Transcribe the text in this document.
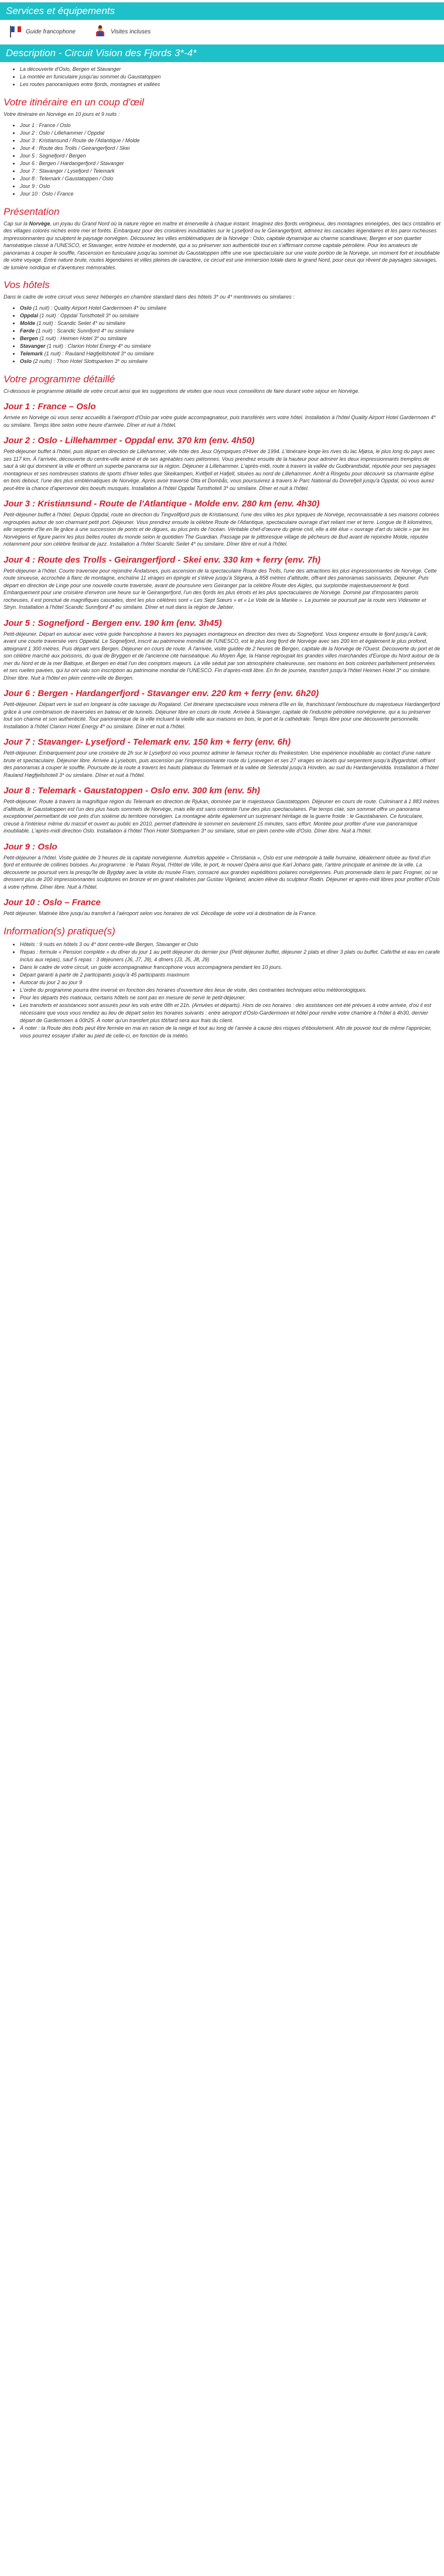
Services et équipements
Guide francophone	Visites incluses
Description - Circuit Vision des Fjords 3*-4*
• La découverte d'Oslo, Bergen et Stavanger
• La montée en funiculaire jusqu'au sommet du Gaustatoppen
• Les routes panoramiques entre fjords, montagnes et vallées
Votre itinéraire en un coup d'œil

Votre itinéraire en Norvège en 10 jours et 9 nuits :

• Jour 1 : France / Oslo
• Jour 2 : Oslo / Lillehammer / Oppdal
• Jour 3 : Kristiansund / Route de l'Atlantique / Molde
• Jour 4 : Route des Trolls / Geirangerfjord / Skei
• Jour 5 : Sognefjord / Bergen
• Jour 6 : Bergen / Hardangerfjord / Stavanger
• Jour 7 : Stavanger / Lysefjord / Telemark
• Jour 8 : Telemark / Gaustatoppen / Oslo
• Jour 9 : Oslo
• Jour 10 : Oslo / France
Présentation

Cap sur la Norvège, un joyau du Grand Nord où la nature règne en maître et émerveille à chaque instant. Imaginez des fjords vertigineux, des montagnes enneigées, des lacs cristallins et des villages colorés nichés entre mer et forêts. Embarquez pour des croisières inoubliables sur le Lysefjord ou le Geirangerfjord, admirez les cascades légendaires et les paroi rocheuses impressionnantes qui sculptent le paysage norvégien. Découvrez les villes emblématiques de la Norvège : Oslo, capitale dynamique au charme scandinave, Bergen et son quartier hanséatique classé à l'UNESCO, et Stavanger, entre histoire et modernité, qui a su préserver son authenticité tout en s'affirmant comme capitale pétrolière. Pour les amateurs de panoramas à couper le souffle, l'ascension en funiculaire jusqu'au sommet du Gaustatoppen offre une vue spectaculaire sur une vaste portion de la Norvège, un moment fort et inoubliable de votre voyage. Entre nature brute, routes légendaires et villes pleines de caractère, ce circuit est une immersion totale dans le grand Nord, pour ceux qui rêvent de paysages sauvages, de lumière nordique et d'aventures mémorables.

Vos hôtels

Dans le cadre de votre circuit vous serez hébergés en chambre standard dans des hôtels 3* ou 4* mentionnés ou similaires :

• Oslo (1 nuit) : Quality Airport Hotel Gardermoen 4* ou similaire
• Oppdal (1 nuit) : Oppdal Turisthotell 3* ou similaire
• Molde (1 nuit) : Scandic Seilet 4* ou similaire
• Førde (1 nuit) : Scandic Sunnfjord 4* ou similaire
• Bergen (1 nuit) : Heimen Hotel 3* ou similaire
• Stavanger (1 nuit) : Clarion Hotel Energy 4* ou similaire
• Telemark (1 nuit) : Rauland Høgfjellshotell 3* ou similaire
• Oslo (2 nuits) : Thon Hotel Slottsparken 3* ou similaire
Votre programme détaillé

Ci-dessous le programme détaillé de votre circuit ainsi que les suggestions de visites que nous vous conseillons de faire durant votre séjour en Norvège.

Jour 1 : France – Oslo

Arrivée en Norvège où vous serez accueillis à l'aéroport d'Oslo par votre guide accompagnateur, puis transférés vers votre hôtel. Installation à l'hôtel Quality Airport Hotel Gardermoen 4* ou similaire. Temps libre selon votre heure d'arrivée. Dîner et nuit à l'hôtel.

Jour 2 : Oslo - Lillehammer - Oppdal env. 370 km (env. 4h50)

Petit-déjeuner buffet à l'hôtel, puis départ en direction de Lillehammer, ville hôte des Jeux Olympiques d'Hiver de 1994. L'itinéraire longe les rives du lac Mjøsa, le plus long du pays avec ses 117 km. À l'arrivée, découverte du centre-ville animé et de ses agréables rues piétonnes. Vous prendrez ensuite de la hauteur pour admirer les deux impressionnants tremplins de saut à ski qui dominent la ville et offrent un superbe panorama sur la région. Déjeuner à Lillehammer. L'après-midi, route à travers la vallée du Gudbrandsdal, réputée pour ses paysages montagneux et ses nombreuses stations de sports d'hiver telles que Skeikampen, Kvitfjell et Hafjell, situées au nord de Lillehammer. Arrêt à Ringebu pour découvrir sa charmante église en bois debout, l'une des plus emblématiques de Norvège. Après avoir traversé Otta et Dombås, vous poursuivrez à travers le Parc National du Dovrefjell jusqu'à Oppdal, où vous aurez peut-être la chance d'apercevoir des boeufs musqués. Installation à l'hôtel Oppdal Turisthotell 3* ou similaire. Dîner et nuit à l'hôtel.

Jour 3 : Kristiansund - Route de l'Atlantique - Molde env. 280 km (env. 4h30)

Petit-déjeuner buffet à l'hôtel. Depuis Oppdal, route en direction du Tingvollfjord puis de Kristiansund, l'une des villes les plus typiques de Norvège, reconnaissable à ses maisons colorées regroupées autour de son charmant petit port. Déjeuner. Vous prendrez ensuite la célèbre Route de l'Atlantique, spectaculaire ouvrage d'art reliant mer et terre. Longue de 8 kilomètres, elle serpente d'île en île grâce à une succession de ponts et de digues, au plus près de l'océan. Véritable chef-d'œuvre du génie civil, elle a été élue « ouvrage d'art du siècle » par les Norvégiens et figure parmi les plus belles routes du monde selon le quotidien The Guardian. Passage par le pittoresque village de pêcheurs de Bud avant de rejoindre Molde, réputée notamment pour son célèbre festival de jazz. Installation à l'hôtel Scandic Seilet 4* ou similaire. Dîner libre et nuit à l'hôtel.

Jour 4 : Route des Trolls - Geirangerfjord - Skei env. 330 km + ferry (env. 7h)

Petit-déjeuner à l'hôtel. Courte traversée pour rejoindre Åndalsnes, puis ascension de la spectaculaire Route des Trolls, l'une des attractions les plus impressionnantes de Norvège. Cette route sinueuse, accrochée à flanc de montagne, enchaîne 11 virages en épingle et s'élève jusqu'à Stigrøra, à 858 mètres d'altitude, offrant des panoramas saisissants. Déjeuner. Puis départ en direction de Linge pour une nouvelle courte traversée, avant de poursuivre vers Geiranger par la célèbre Route des Aigles, qui surplombe majestueusement le fjord. Embarquement pour une croisière d'environ une heure sur le Geirangerfjord, l'un des fjords les plus étroits et les plus spectaculaires de Norvège. Dominé par d'imposantes parois rocheuses, il est ponctué de magnifiques cascades, dont les plus célèbres sont « Les Sept Sœurs » et « Le Voile de la Mariée ». La journée se poursuit par la route vers Videseter et Stryn. Installation à l'hôtel Scandic Sunnfjord 4* ou similaire. Dîner et nuit dans la région de Jølster.

Jour 5 : Sognefjord - Bergen env. 190 km (env. 3h45)

Petit-déjeuner. Départ en autocar avec votre guide francophone à travers les paysages montagneux en direction des rives du Sognefjord. Vous longerez ensuite le fjord jusqu'à Lavik, avant une courte traversée vers Oppedal. Le Sognefjord, inscrit au patrimoine mondial de l'UNESCO, est le plus long fjord de Norvège avec ses 200 km et également le plus profond, atteignant 1 300 mètres. Puis départ vers Bergen. Déjeuner en cours de route. À l'arrivée, visite guidée de 2 heures de Bergen, capitale de la Norvège de l'Ouest. Découverte du port et de son célèbre marché aux poissons, du quai de Bryggen et de l'ancienne cité hanséatique. Au Moyen Âge, la Hanse regroupait les grandes villes marchandes d'Europe du Nord autour de la mer du Nord et de la mer Baltique, et Bergen en était l'un des comptoirs majeurs. La ville séduit par son atmosphère chaleureuse, ses maisons en bois colorées parfaitement préservées et ses ruelles pavées, qui lui ont valu son inscription au patrimoine mondial de l'UNESCO. Fin d'après-midi libre. En fin de journée, transfert jusqu'à l'hôtel Heimen Hotel 3* ou similaire. Dîner libre. Nuit à l'hôtel en plein centre-ville de Bergen.

Jour 6 : Bergen - Hardangerfjord - Stavanger env. 220 km + ferry (env. 6h20)

Petit-déjeuner. Départ vers le sud en longeant la côte sauvage du Rogaland. Cet itinéraire spectaculaire vous mènera d'île en île, franchissant l'embouchure du majestueux Hardangerfjord grâce à une combinaison de traversées en bateau et de tunnels. Déjeuner libre en cours de route. Arrivée à Stavanger, capitale de l'industrie pétrolière norvégienne, qui a su préserver tout son charme et son authenticité. Tour panoramique de la ville incluant la vieille ville aux maisons en bois, le port et la cathédrale. Temps libre pour une découverte personnelle. Installation à l'hôtel Clarion Hotel Energy 4* ou similaire. Dîner et nuit à l'hôtel.

Jour 7 : Stavanger- Lysefjord - Telemark env. 150 km + ferry (env. 6h)

Petit-déjeuner. Embarquement pour une croisière de 2h sur le Lysefjord où vous pourrez admirer le fameux rocher du Preikestolen. Une expérience inoubliable au contact d'une nature brute et spectaculaire. Déjeuner libre. Arrivée à Lysebotn, puis ascension par l'impressionnante route du Lysevegen et ses 27 virages en lacets qui serpentent jusqu'à Øygardstøl, offrant des panoramas à couper le souffle. Poursuite de la route à travers les hauts plateaux du Telemark et la vallée de Setesdal jusqu'à Hovden, au sud du Hardangervidda. Installation à l'hôtel Rauland Høgfjellshotell 3* ou similaire. Dîner et nuit à l'hôtel.

Jour 8 : Telemark - Gaustatoppen - Oslo env. 300 km (env. 5h)

Petit-déjeuner. Route à travers la magnifique région du Telemark en direction de Rjukan, dominée par le majestueux Gaustatoppen. Déjeuner en cours de route. Culminant à 1 883 mètres d'altitude, le Gaustatoppen est l'un des plus hauts sommets de Norvège, mais elle est sans conteste l'une des plus spectaculaires. Par temps clair, son sommet offre un panorama exceptionnel permettant de voir près d'un sixième du territoire norvégien. La montagne abrite également un surprenant héritage de la guerre froide : le Gaustabanen. Ce funiculaire, creusé à l'intérieur même du massif et ouvert au public en 2010, permet d'atteindre le sommet en seulement 15 minutes, sans effort. Montée pour profiter d'une vue panoramique inoubliable. L'après-midi direction Oslo. Installation à l'hôtel Thon Hotel Slottsparken 3* ou similaire, situé en plein centre-ville d'Oslo. Dîner libre. Nuit à l'hôtel.

Jour 9 : Oslo

Petit-déjeuner à l'hôtel. Visite guidée de 3 heures de la capitale norvégienne. Autrefois appelée « Christiania », Oslo est une métropole à taille humaine, idéalement située au fond d'un fjord et entourée de collines boisées. Au programme : le Palais Royal, l'Hôtel de Ville, le port, le nouvel Opéra ainsi que Karl Johans gate, l'artère principale et animée de la ville. La découverte se poursuit vers la presqu'île de Bygdøy avec la visite du musée Fram, consacré aux grandes expéditions polaires norvégiennes. Puis promenade dans le parc Frogner, où se dressent plus de 200 impressionnantes sculptures en bronze et en granit réalisées par Gustav Vigeland, ancien élève du sculpteur Rodin. Déjeuner et après-midi libres pour profiter d'Oslo à votre rythme. Dîner libre. Nuit à l'hôtel.

Jour 10 : Oslo – France

Petit déjeuner. Matinée libre jusqu'au transfert à l'aéroport selon vos horaires de vol. Décollage de votre vol à destination de la France.

Information(s) pratique(s)
• Hôtels : 9 nuits en hôtels 3 ou 4* dont centre-ville Bergen, Stavanger et Oslo
• Repas : formule « Pension complète » du dîner du jour 1 au petit déjeuner du dernier jour (Petit déjeuner buffet, déjeuner 2 plats et dîner 3 plats ou buffet. Café/thé et eau en carafe inclus aux repas), sauf 5 repas : 3 déjeuners (J6, J7, J9), 4 dîners (J3, J5, J8, J9)
• Dans le cadre de votre circuit, un guide accompagnateur francophone vous accompagnera pendant les 10 jours.
• Départ garanti à partir de 2 participants jusqu'à 45 participants maximum
• Autocar du jour 2 au jour 9
• L'ordre du programme pourra être inversé en fonction des horaires d'ouverture des lieux de visite, des contraintes techniques et/ou météorologiques.
• Pour les départs très matinaux, certains hôtels ne sont pas en mesure de servir le petit-déjeuner.
• Les transferts et assistances sont assurés pour les vols entre 08h et 21h. (Arrivées et départs). Hors de ces horaires : des assistances ont été prévues à votre arrivée, d'où il est nécessaire que vous vous rendiez au lieu de départ selon les horaires suivants : entre aéroport d'Oslo-Gardermoen et hôtel pour rendre votre chambre à l'hôtel à 4h30, dernier départ de Gardermoen à 00h25. À noter qu'un transfert plus tôt/tard sera aux frais du client.
• À noter : la Route des trolls peut être fermée en mai en raison de la neige et tout au long de l'année à cause des risques d'éboulement. Afin de pouvoir tout de même l'apprécier, vous pourrez essayer d'aller au pied de celle-ci, en fonction de la météo.
